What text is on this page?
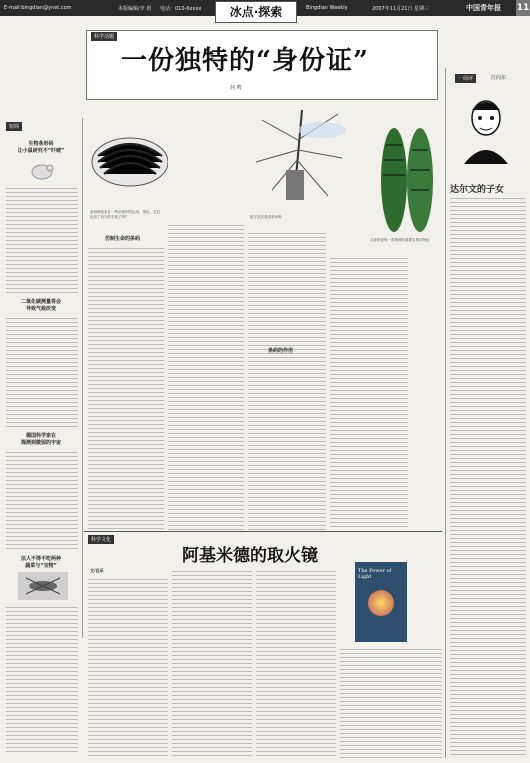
E-mail:bingdian@ynet.com	本版编辑/李 娟 电话：010-6xxxx	Bingdian Weekly	2007年11月21日 星期三	中国青年报
冰点·探索	11
科学话题
一份独特的“身份证”
何 鸣
一周评	江向东
达尔文的子女
短简
生物条形码
让小鼠研究不“吓唬”
二氧化碳测量将会
导致气候改变
德国科学家在
探测到微弱的宇宙
法人不得不吃两种
蔬菜与“宝物”
条形码技术在一些识别中的运用，指出，它们也有了有力的手段了吗？	蚊子及其基因条形码
从条码是每一类物种的重要生物学特征
仿制生命的条码
条码的作用
科学文化
阿基米德的取火镜
文/吕乐	The Power of Light
